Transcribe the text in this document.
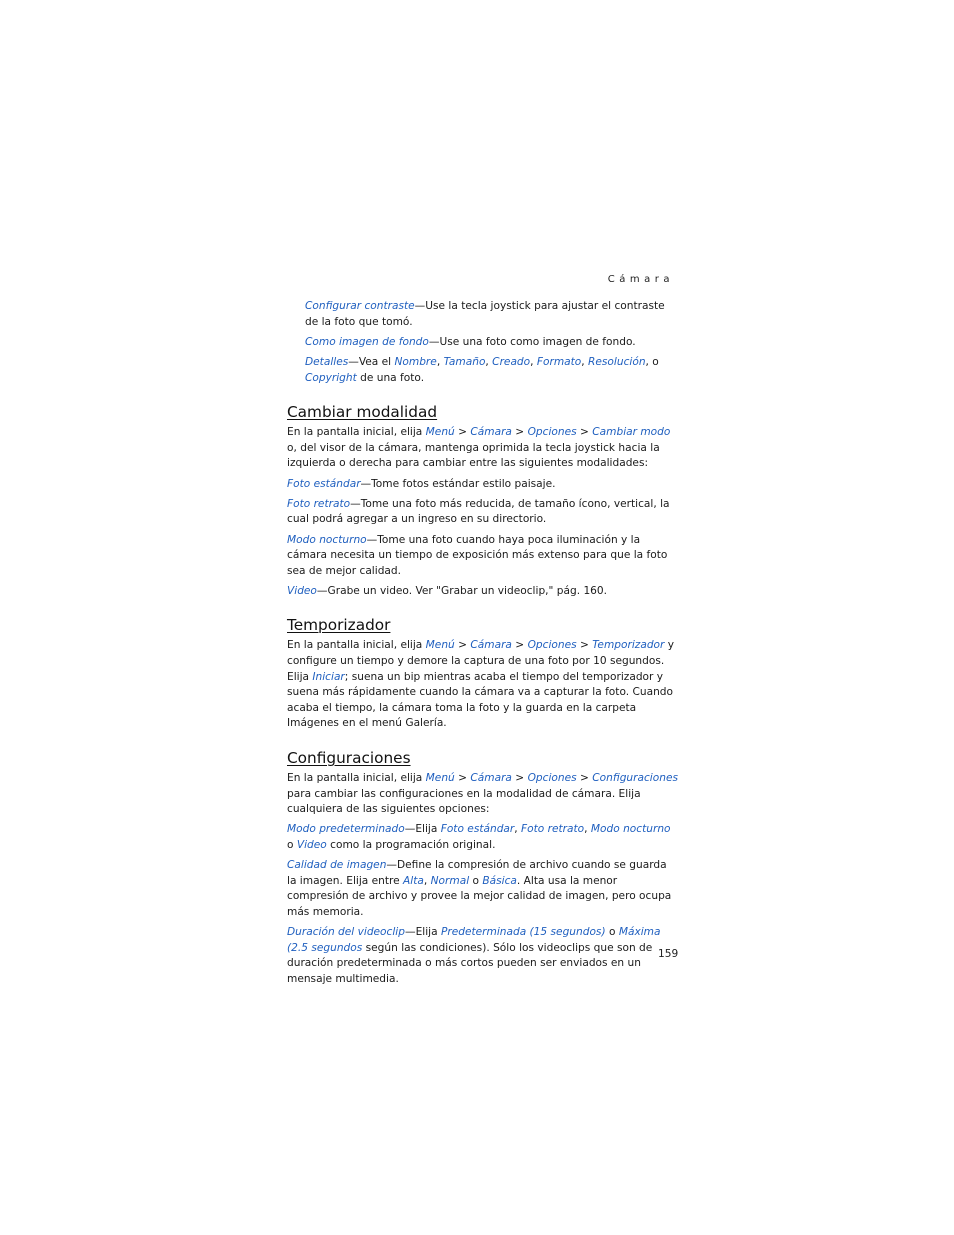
Cámara

Configurar contraste—Use la tecla joystick para ajustar el contraste de la foto que tomó.

Como imagen de fondo—Use una foto como imagen de fondo.

Detalles—Vea el Nombre, Tamaño, Creado, Formato, Resolución, o Copyright de una foto.

Cambiar modalidad

En la pantalla inicial, elija Menú > Cámara > Opciones > Cambiar modo o, del visor de la cámara, mantenga oprimida la tecla joystick hacia la izquierda o derecha para cambiar entre las siguientes modalidades:

Foto estándar—Tome fotos estándar estilo paisaje.

Foto retrato—Tome una foto más reducida, de tamaño ícono, vertical, la cual podrá agregar a un ingreso en su directorio.

Modo nocturno—Tome una foto cuando haya poca iluminación y la cámara necesita un tiempo de exposición más extenso para que la foto sea de mejor calidad.

Video—Grabe un video. Ver "Grabar un videoclip," pág. 160.

Temporizador

En la pantalla inicial, elija Menú > Cámara > Opciones > Temporizador y configure un tiempo y demore la captura de una foto por 10 segundos. Elija Iniciar; suena un bip mientras acaba el tiempo del temporizador y suena más rápidamente cuando la cámara va a capturar la foto. Cuando acaba el tiempo, la cámara toma la foto y la guarda en la carpeta Imágenes en el menú Galería.

Configuraciones

En la pantalla inicial, elija Menú > Cámara > Opciones > Configuraciones para cambiar las configuraciones en la modalidad de cámara. Elija cualquiera de las siguientes opciones:

Modo predeterminado—Elija Foto estándar, Foto retrato, Modo nocturno o Video como la programación original.

Calidad de imagen—Define la compresión de archivo cuando se guarda la imagen. Elija entre Alta, Normal o Básica. Alta usa la menor compresión de archivo y provee la mejor calidad de imagen, pero ocupa más memoria.

Duración del videoclip—Elija Predeterminada (15 segundos) o Máxima (2.5 segundos según las condiciones). Sólo los videoclips que son de duración predeterminada o más cortos pueden ser enviados en un mensaje multimedia.

159
